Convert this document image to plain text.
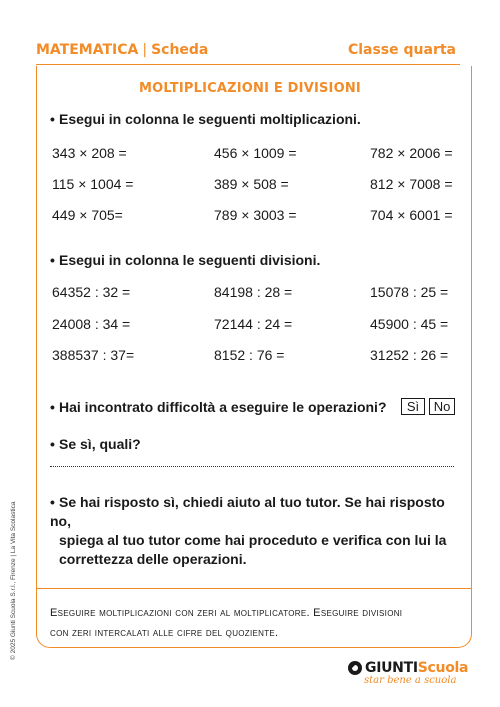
MATEMATICA | Scheda	Classe quarta
MOLTIPLICAZIONI E DIVISIONI
• Esegui in colonna le seguenti moltiplicazioni.
343 × 208 =	456 × 1009 =	782 × 2006 =
115 × 1004 =	389 × 508 =	812 × 7008 =
449 × 705=	789 × 3003 =	704 × 6001 =
• Esegui in colonna le seguenti divisioni.
64352 : 32 =	84198 : 28 =	15078 : 25 =
24008 : 34 =	72144 : 24 =	45900 : 45 =
388537 : 37=	8152 : 76 =	31252 : 26 =
• Hai incontrato difficoltà a eseguire le operazioni?	Sì	No
• Se sì, quali?
• Se hai risposto sì, chiedi aiuto al tuo tutor. Se hai risposto no,
spiega al tuo tutor come hai proceduto e verifica con lui la
correttezza delle operazioni.
Eseguire moltiplicazioni con zeri al moltiplicatore. Eseguire divisioni
con zeri intercalati alle cifre del quoziente.
© 2025 Giunti Scuola S.r.l., Firenze | La Vita Scolastica
GIUNTI Scuola
star bene a scuola
